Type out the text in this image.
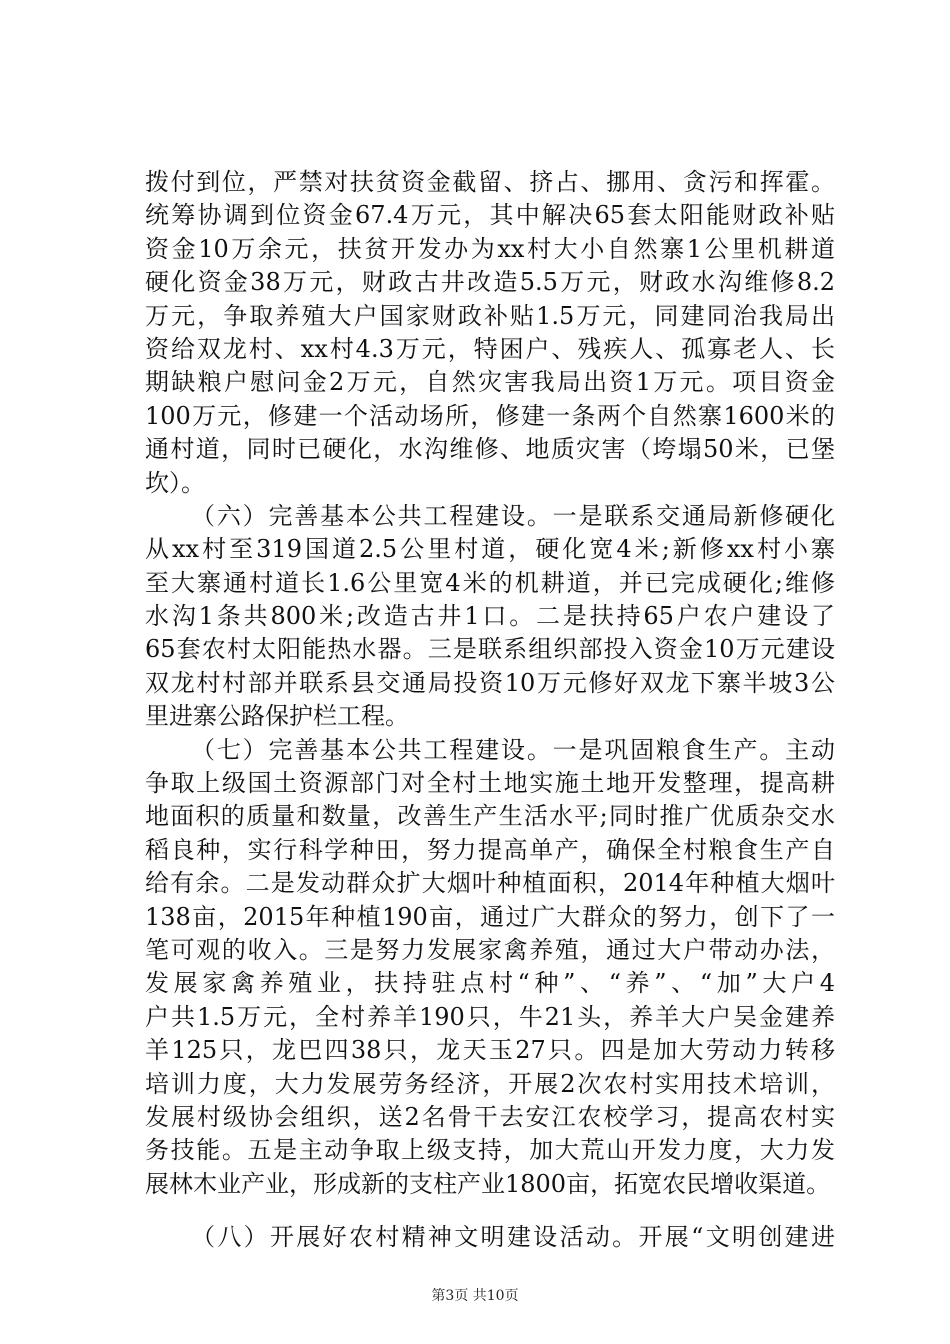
拨付到位，严禁对扶贫资金截留、挤占、挪用、贪污和挥霍。
统筹协调到位资金67.4万元，其中解决65套太阳能财政补贴
资金10万余元，扶贫开发办为xx村大小自然寨1公里机耕道
硬化资金38万元，财政古井改造5.5万元，财政水沟维修8.2
万元，争取养殖大户国家财政补贴1.5万元，同建同治我局出
资给双龙村、xx村4.3万元，特困户、残疾人、孤寡老人、长
期缺粮户慰问金2万元，自然灾害我局出资1万元。项目资金
100万元，修建一个活动场所，修建一条两个自然寨1600米的
通村道，同时已硬化，水沟维修、地质灾害（垮塌50米，已堡
坎）。
（六）完善基本公共工程建设。一是联系交通局新修硬化
从xx村至319国道2.5公里村道，硬化宽4米;新修xx村小寨
至大寨通村道长1.6公里宽4米的机耕道，并已完成硬化;维修
水沟1条共800米;改造古井1口。二是扶持65户农户建设了
65套农村太阳能热水器。三是联系组织部投入资金10万元建设
双龙村村部并联系县交通局投资10万元修好双龙下寨半坡3公
里进寨公路保护栏工程。
（七）完善基本公共工程建设。一是巩固粮食生产。主动
争取上级国土资源部门对全村土地实施土地开发整理，提高耕
地面积的质量和数量，改善生产生活水平;同时推广优质杂交水
稻良种，实行科学种田，努力提高单产，确保全村粮食生产自
给有余。二是发动群众扩大烟叶种植面积，2014年种植大烟叶
138亩，2015年种植190亩，通过广大群众的努力，创下了一
笔可观的收入。三是努力发展家禽养殖，通过大户带动办法，
发展家禽养殖业，扶持驻点村“种”、“养”、“加”大户4
户共1.5万元，全村养羊190只，牛21头，养羊大户吴金建养
羊125只，龙巴四38只，龙天玉27只。四是加大劳动力转移
培训力度，大力发展劳务经济，开展2次农村实用技术培训，
发展村级协会组织，送2名骨干去安江农校学习，提高农村实
务技能。五是主动争取上级支持，加大荒山开发力度，大力发
展林木业产业，形成新的支柱产业1800亩，拓宽农民增收渠道。
（八）开展好农村精神文明建设活动。开展“文明创建进
第3页 共10页
